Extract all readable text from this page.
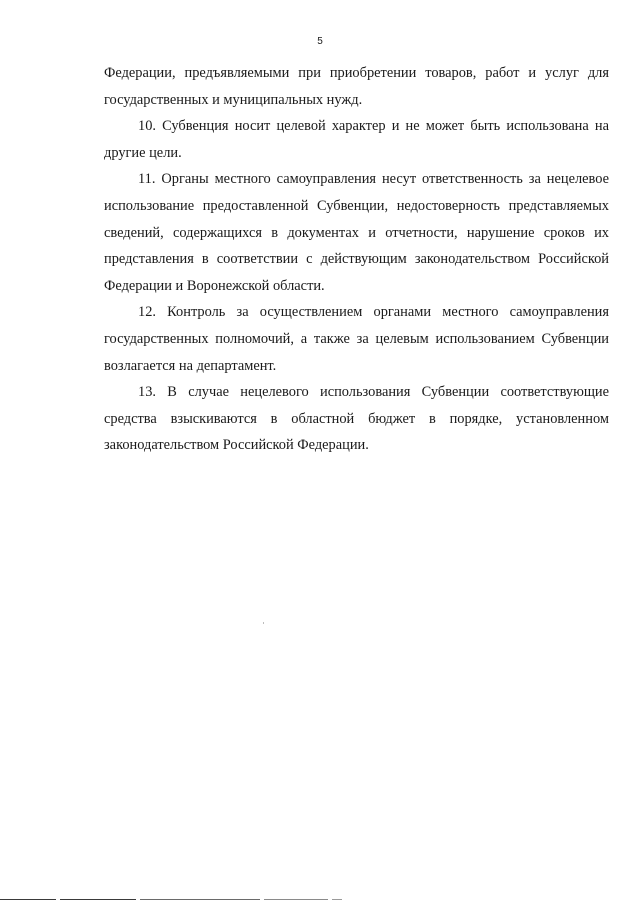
5

Федерации, предъявляемыми при приобретении товаров, работ и услуг для государственных и муниципальных нужд.

10. Субвенция носит целевой характер и не может быть использована на другие цели.

11. Органы местного самоуправления несут ответственность за нецелевое использование предоставленной Субвенции, недостоверность представляемых сведений, содержащихся в документах и отчетности, нарушение сроков их представления в соответствии с действующим законодательством Российской Федерации и Воронежской области.

12. Контроль за осуществлением органами местного самоуправления государственных полномочий, а также за целевым использованием Субвенции возлагается на департамент.

13. В случае нецелевого использования Субвенции соответствующие средства взыскиваются в областной бюджет в порядке, установленном законодательством Российской Федерации.
